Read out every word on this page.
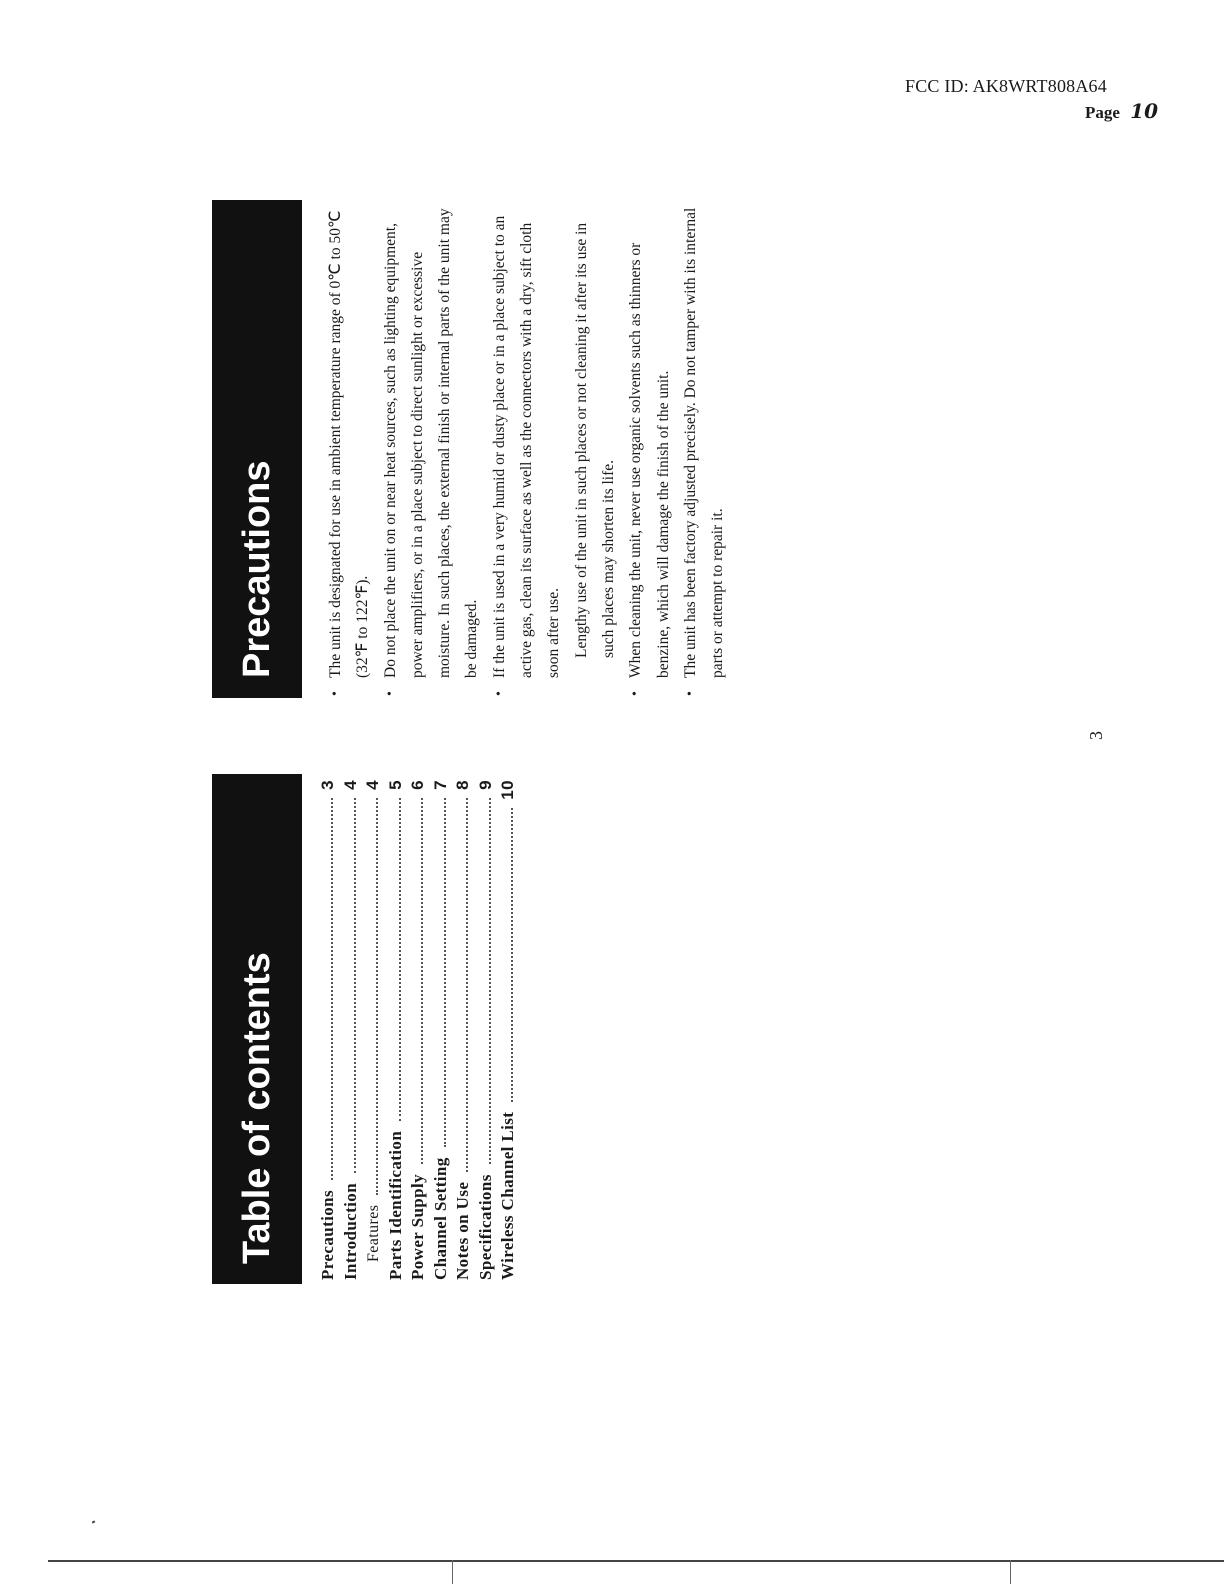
FCC ID: AK8WRT808A64
Page 10
Table of contents	Precautions
3
Introduction
4
Features
4
Parts Identification
5
Power Supply
6
Channel Setting
7
Notes on Use
8
Specifications
9
Wireless Channel List
10
Precautions
•
The unit is designated for use in ambient temperature range of 0℃ to 50℃ (32℉ to 122℉).
•
Do not place the unit on or near heat sources, such as lighting equipment, power amplifiers, or in a place subject to direct sunlight or excessive moisture. In such places, the external finish or internal parts of the unit may be damaged.
•
If the unit is used in a very humid or dusty place or in a place subject to an active gas, clean its surface as well as the connectors with a dry, sift cloth soon after use. Lengthy use of the unit in such places or not cleaning it after its use in such places may shorten its life.
•
When cleaning the unit, never use organic solvents such as thinners or benzine, which will damage the finish of the unit.
•
The unit has been factory adjusted precisely. Do not tamper with its internal parts or attempt to repair it.
3
